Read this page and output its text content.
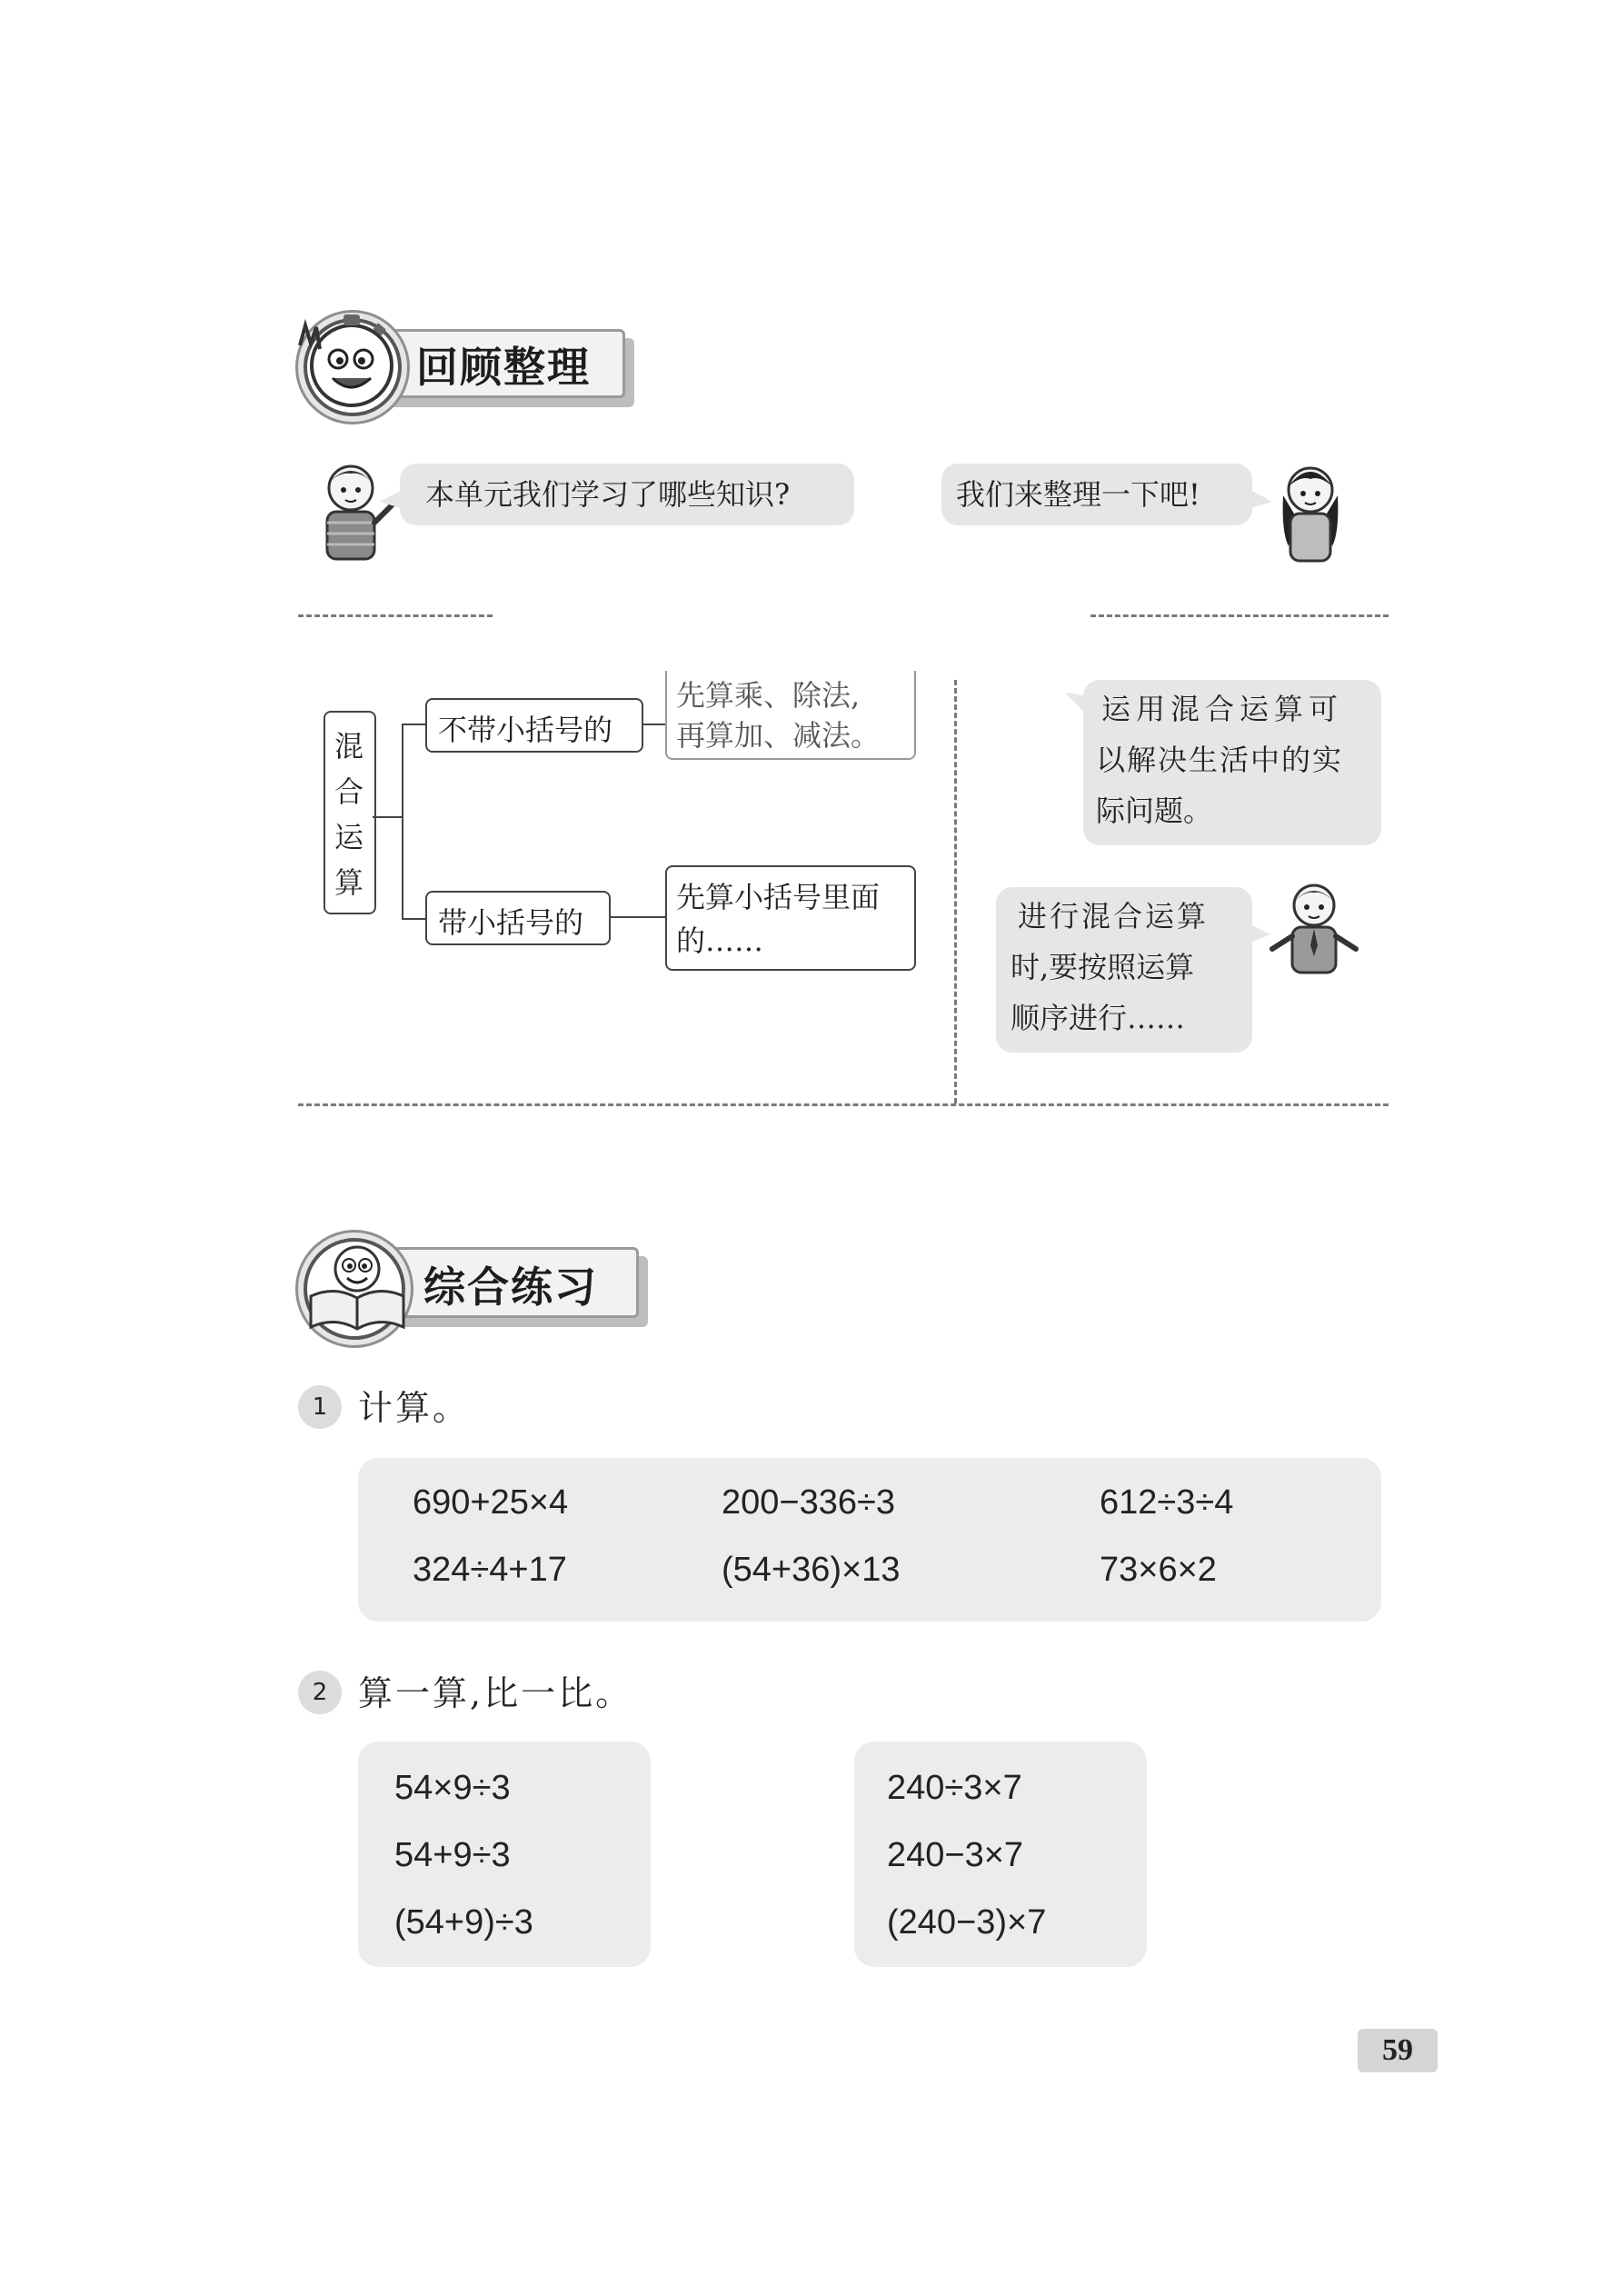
回顾整理
本单元我们学习了哪些知识?	我们来整理一下吧!
混
合
运
算
不带小括号的
先算乘、除法,
再算加、减法。
带小括号的
先算小括号里面
的……
运用混合运算可
以解决生活中的实
际问题。
进行混合运算
时,要按照运算
顺序进行……
综合练习
1 计算。
690+25×4	200−336÷3	612÷3÷4
324÷4+17	(54+36)×13	73×6×2
2 算一算,比一比。
54×9÷3
54+9÷3
(54+9)÷3
240÷3×7
240−3×7
(240−3)×7
59
